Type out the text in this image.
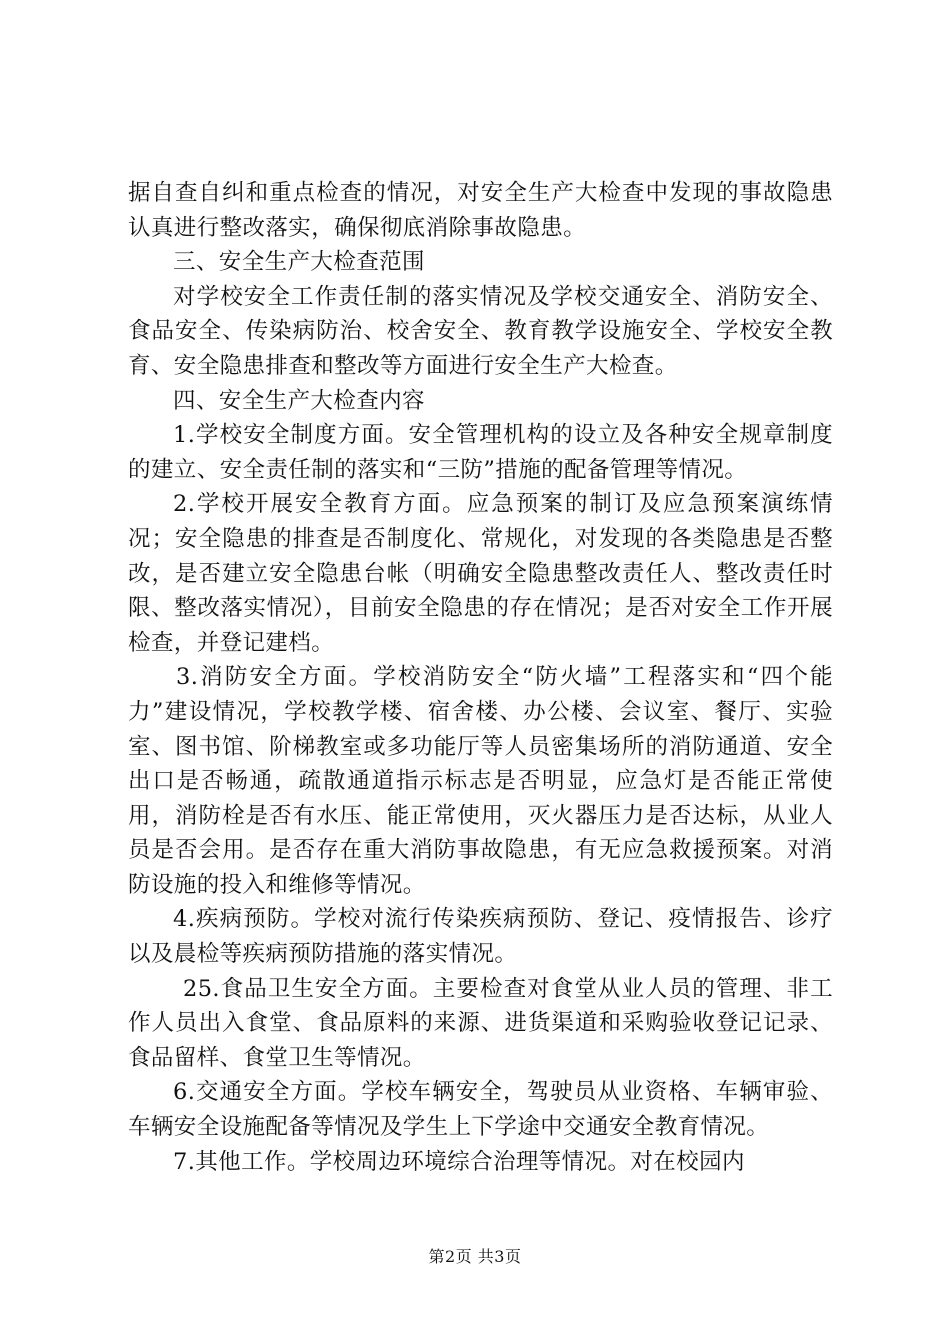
据自查自纠和重点检查的情况，对安全生产大检查中发现的事故隐患认真进行整改落实，确保彻底消除事故隐患。

三、安全生产大检查范围

对学校安全工作责任制的落实情况及学校交通安全、消防安全、食品安全、传染病防治、校舍安全、教育教学设施安全、学校安全教育、安全隐患排查和整改等方面进行安全生产大检查。

四、安全生产大检查内容

1.学校安全制度方面。安全管理机构的设立及各种安全规章制度的建立、安全责任制的落实和“三防”措施的配备管理等情况。

2.学校开展安全教育方面。应急预案的制订及应急预案演练情况；安全隐患的排查是否制度化、常规化，对发现的各类隐患是否整改，是否建立安全隐患台帐（明确安全隐患整改责任人、整改责任时限、整改落实情况），目前安全隐患的存在情况；是否对安全工作开展检查，并登记建档。

3.消防安全方面。学校消防安全“防火墙”工程落实和“四个能力”建设情况，学校教学楼、宿舍楼、办公楼、会议室、餐厅、实验室、图书馆、阶梯教室或多功能厅等人员密集场所的消防通道、安全出口是否畅通，疏散通道指示标志是否明显，应急灯是否能正常使用，消防栓是否有水压、能正常使用，灭火器压力是否达标，从业人员是否会用。是否存在重大消防事故隐患，有无应急救援预案。对消防设施的投入和维修等情况。

4.疾病预防。学校对流行传染疾病预防、登记、疫情报告、诊疗以及晨检等疾病预防措施的落实情况。

25.食品卫生安全方面。主要检查对食堂从业人员的管理、非工作人员出入食堂、食品原料的来源、进货渠道和采购验收登记记录、食品留样、食堂卫生等情况。

6.交通安全方面。学校车辆安全，驾驶员从业资格、车辆审验、车辆安全设施配备等情况及学生上下学途中交通安全教育情况。

7.其他工作。学校周边环境综合治理等情况。对在校园内

第2页 共3页
